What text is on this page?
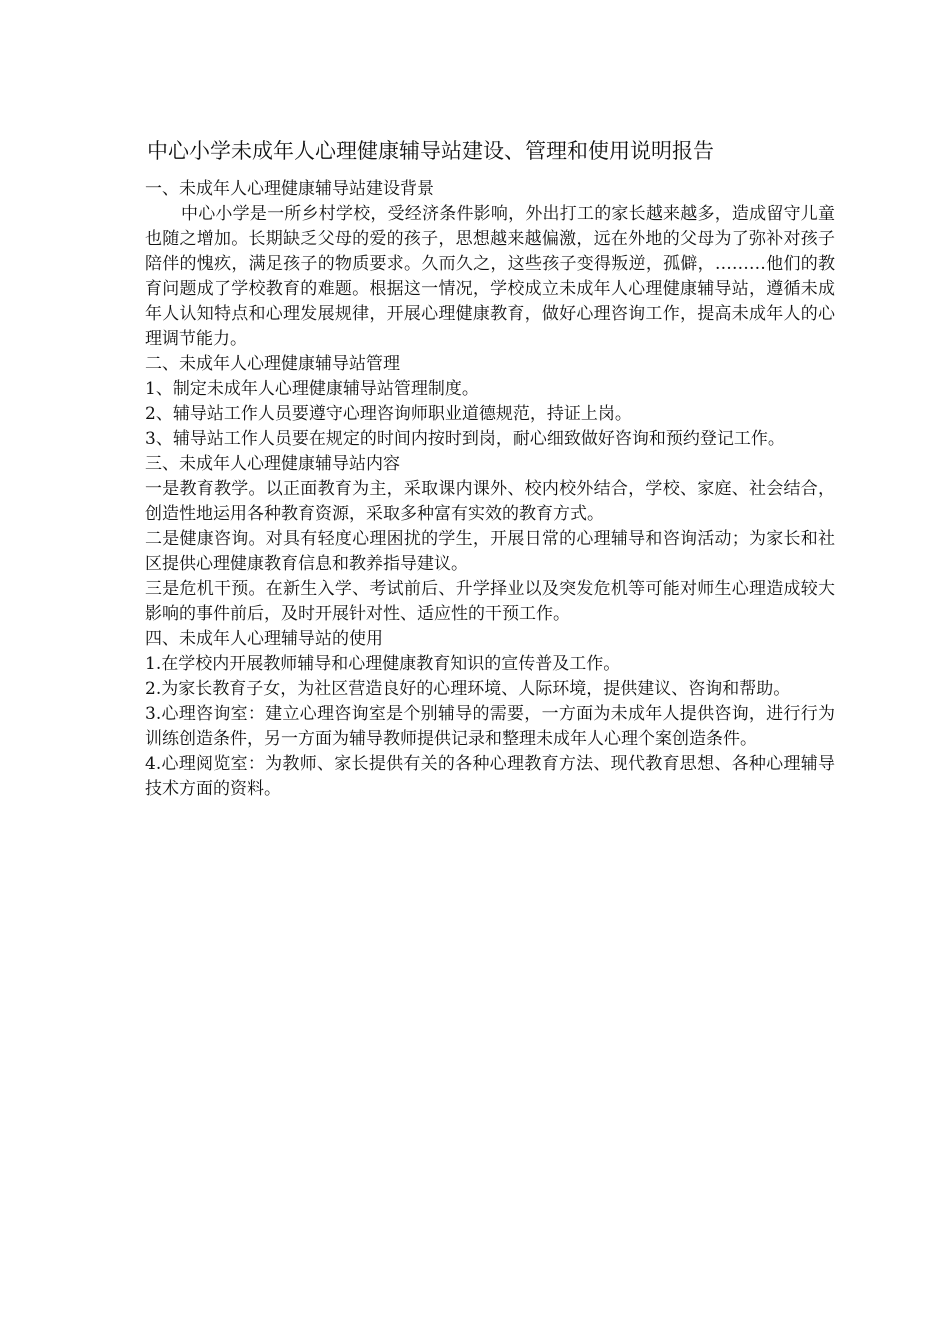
中心小学未成年人心理健康辅导站建设、管理和使用说明报告

一、未成年人心理健康辅导站建设背景

中心小学是一所乡村学校，受经济条件影响，外出打工的家长越来越多，造成留守儿童也随之增加。长期缺乏父母的爱的孩子，思想越来越偏激，远在外地的父母为了弥补对孩子陪伴的愧疚，满足孩子的物质要求。久而久之，这些孩子变得叛逆，孤僻，………他们的教育问题成了学校教育的难题。根据这一情况，学校成立未成年人心理健康辅导站，遵循未成年人认知特点和心理发展规律，开展心理健康教育，做好心理咨询工作，提高未成年人的心理调节能力。

二、未成年人心理健康辅导站管理

1、制定未成年人心理健康辅导站管理制度。

2、辅导站工作人员要遵守心理咨询师职业道德规范，持证上岗。

3、辅导站工作人员要在规定的时间内按时到岗，耐心细致做好咨询和预约登记工作。

三、未成年人心理健康辅导站内容

一是教育教学。以正面教育为主，采取课内课外、校内校外结合，学校、家庭、社会结合，创造性地运用各种教育资源，采取多种富有实效的教育方式。

二是健康咨询。对具有轻度心理困扰的学生，开展日常的心理辅导和咨询活动；为家长和社区提供心理健康教育信息和教养指导建议。

三是危机干预。在新生入学、考试前后、升学择业以及突发危机等可能对师生心理造成较大影响的事件前后，及时开展针对性、适应性的干预工作。

四、未成年人心理辅导站的使用

1.在学校内开展教师辅导和心理健康教育知识的宣传普及工作。

2.为家长教育子女，为社区营造良好的心理环境、人际环境，提供建议、咨询和帮助。

3.心理咨询室：建立心理咨询室是个别辅导的需要，一方面为未成年人提供咨询，进行行为训练创造条件，另一方面为辅导教师提供记录和整理未成年人心理个案创造条件。

4.心理阅览室：为教师、家长提供有关的各种心理教育方法、现代教育思想、各种心理辅导技术方面的资料。
